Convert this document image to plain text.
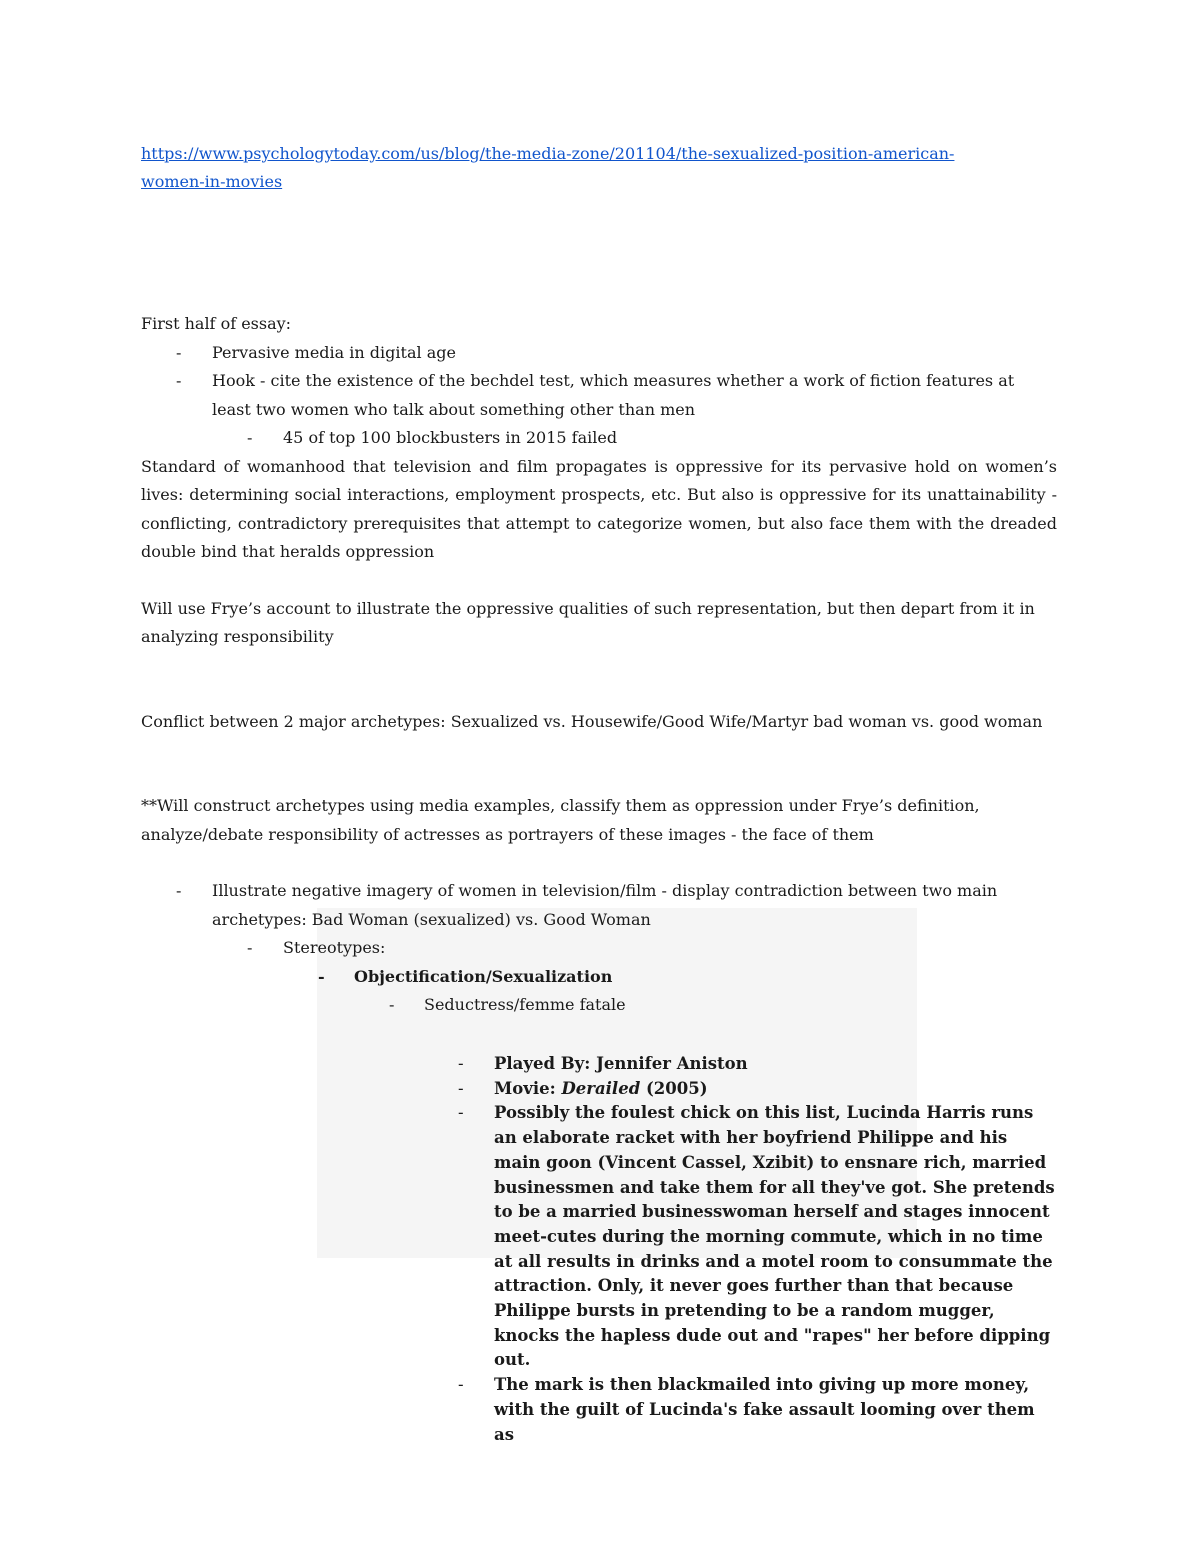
https://www.psychologytoday.com/us/blog/the-media-zone/201104/the-sexualized-position-american-
women-in-movies

First half of essay:

- Pervasive media in digital age
- Hook - cite the existence of the bechdel test, which measures whether a work of fiction features at least two women who talk about something other than men
- 45 of top 100 blockbusters in 2015 failed

Standard of womanhood that television and film propagates is oppressive for its pervasive hold on women’s lives: determining social interactions, employment prospects, etc. But also is oppressive for its unattainability - conflicting, contradictory prerequisites that attempt to categorize women, but also face them with the dreaded double bind that heralds oppression

Will use Frye’s account to illustrate the oppressive qualities of such representation, but then depart from it in analyzing responsibility

Conflict between 2 major archetypes: Sexualized vs. Housewife/Good Wife/Martyr bad woman vs. good woman

**Will construct archetypes using media examples, classify them as oppression under Frye’s definition, analyze/debate responsibility of actresses as portrayers of these images - the face of them

- Illustrate negative imagery of women in television/film - display contradiction between two main archetypes: Bad Woman (sexualized) vs. Good Woman
- Stereotypes:
- Objectification/Sexualization
- Seductress/femme fatale
- Played By: Jennifer Aniston
- Movie: Derailed (2005)
- Possibly the foulest chick on this list, Lucinda Harris runs an elaborate racket with her boyfriend Philippe and his main goon (Vincent Cassel, Xzibit) to ensnare rich, married businessmen and take them for all they've got. She pretends to be a married businesswoman herself and stages innocent meet-cutes during the morning commute, which in no time at all results in drinks and a motel room to consummate the attraction. Only, it never goes further than that because Philippe bursts in pretending to be a random mugger, knocks the hapless dude out and "rapes" her before dipping out.
- The mark is then blackmailed into giving up more money, with the guilt of Lucinda's fake assault looming over them as
